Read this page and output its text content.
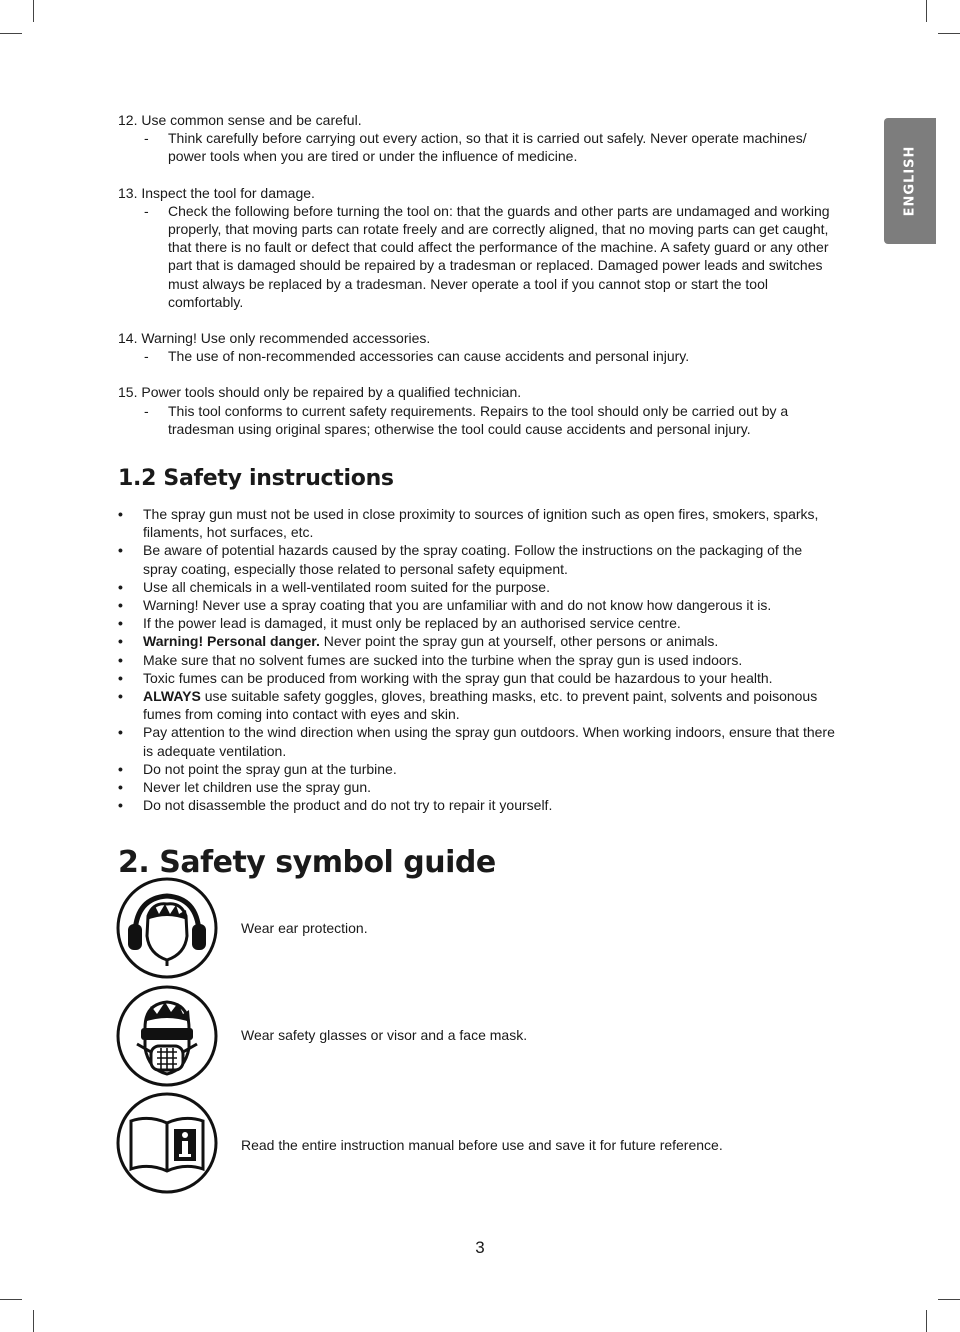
ENGLISH
12. Use common sense and be careful.
- Think carefully before carrying out every action, so that it is carried out safely. Never operate machines/ power tools when you are tired or under the influence of medicine.
13. Inspect the tool for damage.
- Check the following before turning the tool on: that the guards and other parts are undamaged and working properly, that moving parts can rotate freely and are correctly aligned, that no moving parts can get caught, that there is no fault or defect that could affect the performance of the machine. A safety guard or any other part that is damaged should be repaired by a tradesman or replaced. Damaged power leads and switches must always be replaced by a tradesman. Never operate a tool if you cannot stop or start the tool comfortably.
14. Warning! Use only recommended accessories.
- The use of non-recommended accessories can cause accidents and personal injury.
15. Power tools should only be repaired by a qualified technician.
- This tool conforms to current safety requirements. Repairs to the tool should only be carried out by a tradesman using original spares; otherwise the tool could cause accidents and personal injury.
1.2 Safety instructions
• The spray gun must not be used in close proximity to sources of ignition such as open fires, smokers, sparks, filaments, hot surfaces, etc.
• Be aware of potential hazards caused by the spray coating. Follow the instructions on the packaging of the spray coating, especially those related to personal safety equipment.
• Use all chemicals in a well-ventilated room suited for the purpose.
• Warning! Never use a spray coating that you are unfamiliar with and do not know how dangerous it is.
• If the power lead is damaged, it must only be replaced by an authorised service centre.
• Warning! Personal danger. Never point the spray gun at yourself, other persons or animals.
• Make sure that no solvent fumes are sucked into the turbine when the spray gun is used indoors.
• Toxic fumes can be produced from working with the spray gun that could be hazardous to your health.
• ALWAYS use suitable safety goggles, gloves, breathing masks, etc. to prevent paint, solvents and poisonous fumes from coming into contact with eyes and skin.
• Pay attention to the wind direction when using the spray gun outdoors. When working indoors, ensure that there is adequate ventilation.
• Do not point the spray gun at the turbine.
• Never let children use the spray gun.
• Do not disassemble the product and do not try to repair it yourself.
2. Safety symbol guide
Wear ear protection.
Wear safety glasses or visor and a face mask.
Read the entire instruction manual before use and save it for future reference.
3
